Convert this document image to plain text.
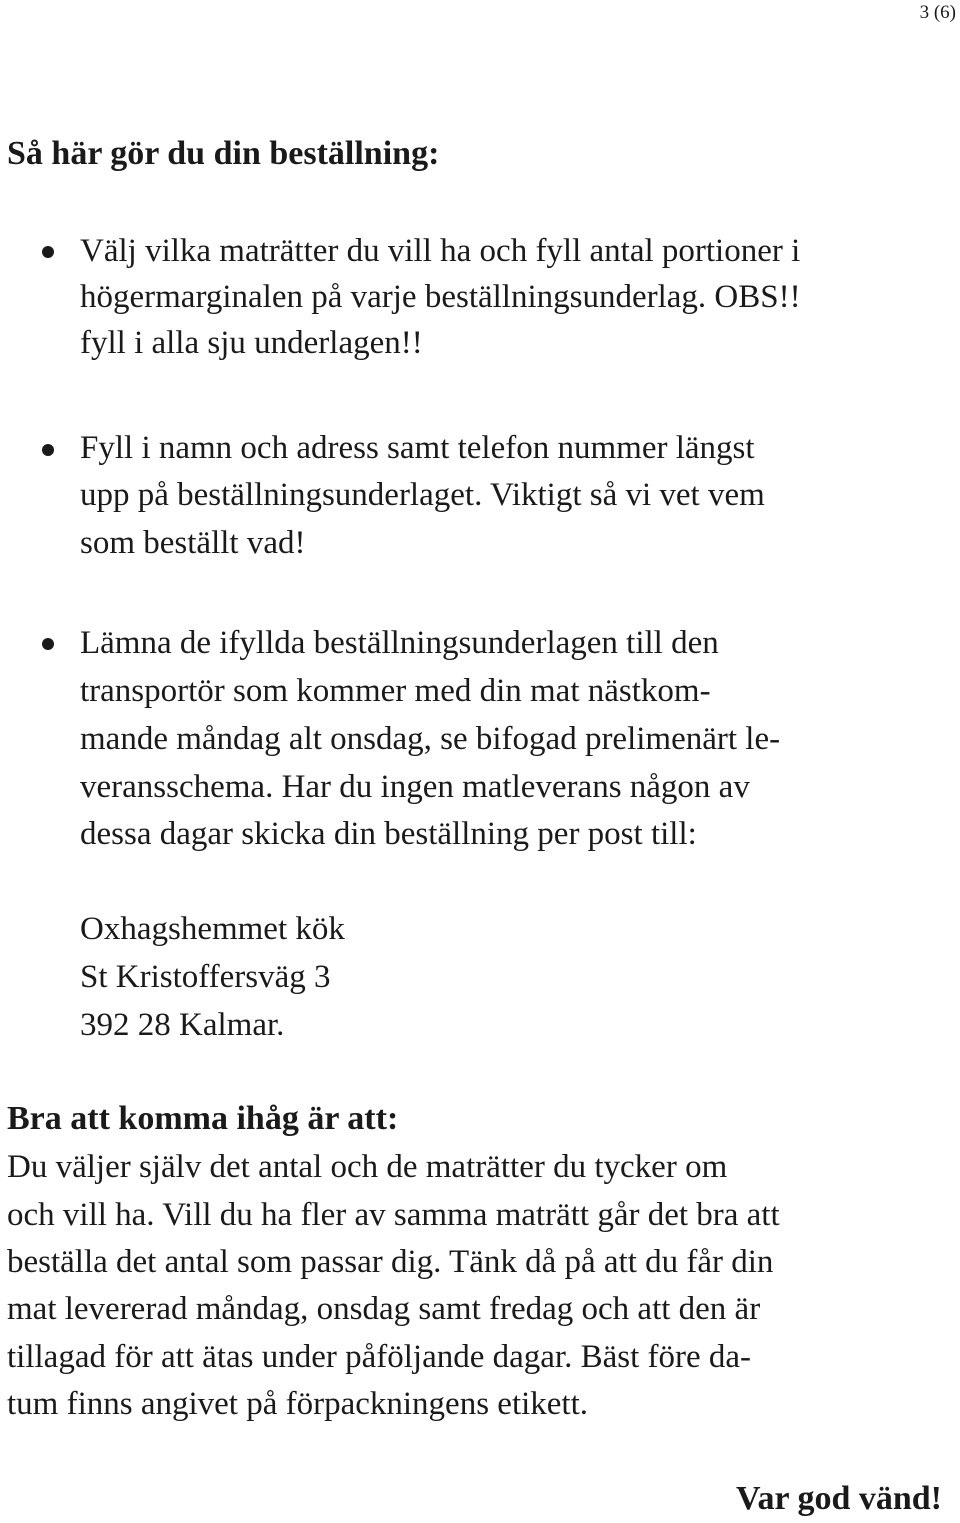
3 (6)

Så här gör du din beställning:

Välj vilka maträtter du vill ha och fyll antal portioner i

högermarginalen på varje beställningsunderlag. OBS!!

fyll i alla sju underlagen!!

Fyll i namn och adress samt telefon nummer längst

upp på beställningsunderlaget. Viktigt så vi vet vem

som beställt vad!

Lämna de ifyllda beställningsunderlagen till den

transportör som kommer med din mat nästkom-

mande måndag alt onsdag, se bifogad prelimenärt le-

veransschema. Har du ingen matleverans någon av

dessa dagar skicka din beställning per post till:

Oxhagshemmet kök

St Kristoffersväg 3

392 28 Kalmar.

Bra att komma ihåg är att:

Du väljer själv det antal och de maträtter du tycker om

och vill ha. Vill du ha fler av samma maträtt går det bra att

beställa det antal som passar dig. Tänk då på att du får din

mat levererad måndag, onsdag samt fredag och att den är

tillagad för att ätas under påföljande dagar. Bäst före da-

tum finns angivet på förpackningens etikett.

Var god vänd!
